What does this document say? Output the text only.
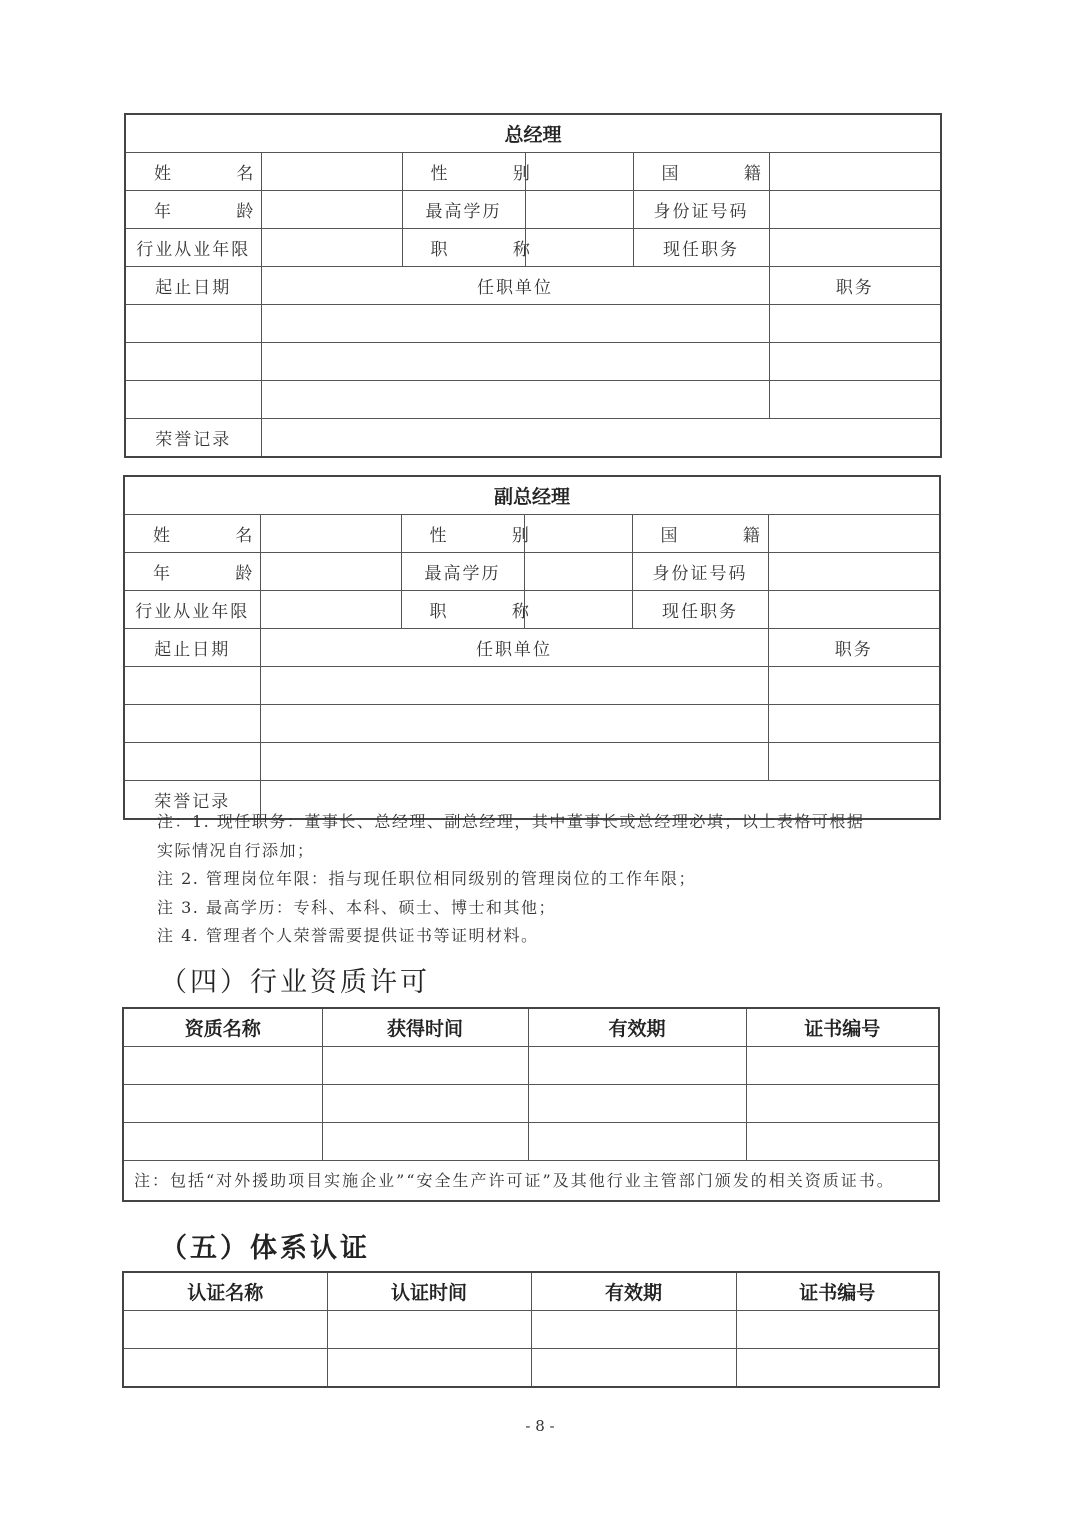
总经理					
姓 名		性 别		国 籍	
年 龄		最高学历		身份证号码	
行业从业年限		职 称		现任职务	
起止日期	任职单位				职务

荣誉记录					
副总经理					
姓 名		性 别		国 籍	
年 龄		最高学历		身份证号码	
行业从业年限		职 称		现任职务	
起止日期	任职单位				职务

荣誉记录					
注：1. 现任职务：董事长、总经理、副总经理，其中董事长或总经理必填；以上表格可根据
实际情况自行添加；
注 2. 管理岗位年限：指与现任职位相同级别的管理岗位的工作年限；
注 3. 最高学历：专科、本科、硕士、博士和其他；
注 4. 管理者个人荣誉需要提供证书等证明材料。
（四）行业资质许可
资质名称	获得时间	有效期	证书编号

注：包括“对外援助项目实施企业”“安全生产许可证”及其他行业主管部门颁发的相关资质证书。			
（五）体系认证
认证名称	认证时间	有效期	证书编号

- 8 -
